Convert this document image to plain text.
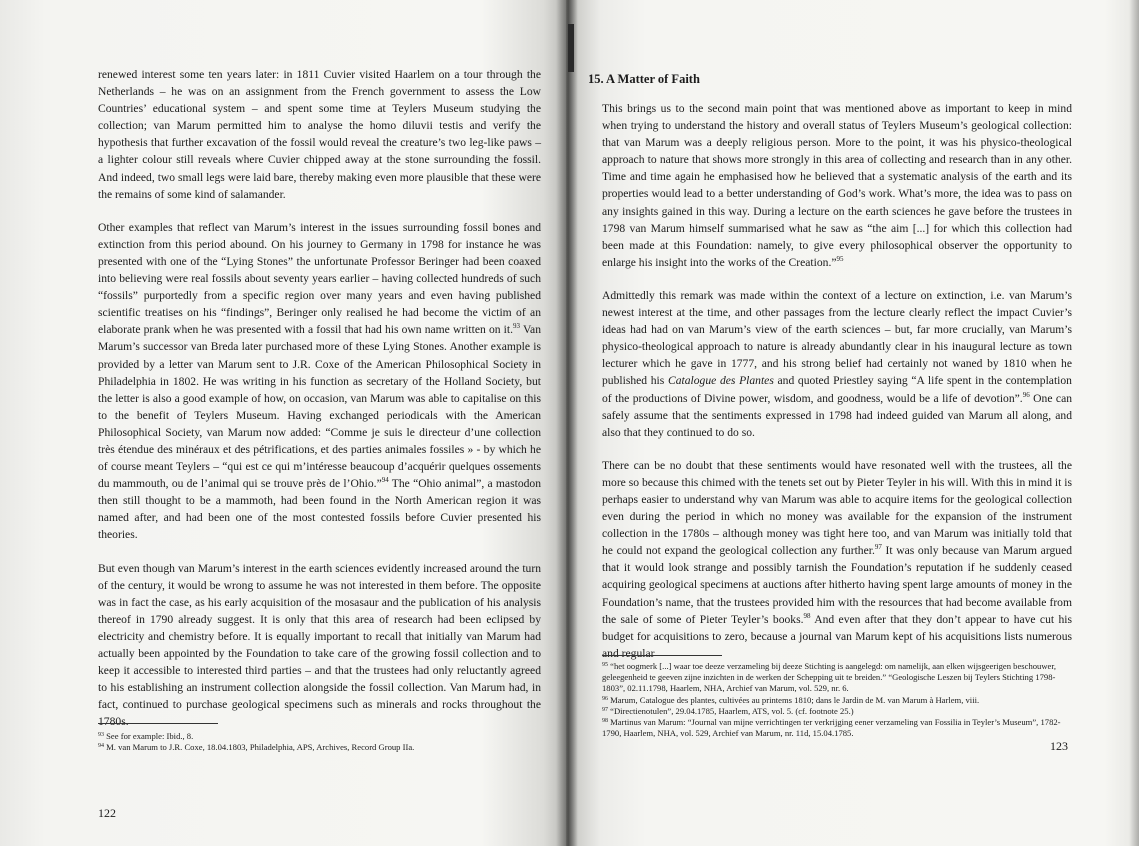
renewed interest some ten years later: in 1811 Cuvier visited Haarlem on a tour through the Netherlands – he was on an assignment from the French government to assess the Low Countries’ educational system – and spent some time at Teylers Museum studying the collection; van Marum permitted him to analyse the homo diluvii testis and verify the hypothesis that further excavation of the fossil would reveal the creature’s two leg-like paws – a lighter colour still reveals where Cuvier chipped away at the stone surrounding the fossil. And indeed, two small legs were laid bare, thereby making even more plausible that these were the remains of some kind of salamander.

Other examples that reflect van Marum’s interest in the issues surrounding fossil bones and extinction from this period abound. On his journey to Germany in 1798 for instance he was presented with one of the “Lying Stones” the unfortunate Professor Beringer had been coaxed into believing were real fossils about seventy years earlier – having collected hundreds of such “fossils” purportedly from a specific region over many years and even having published scientific treatises on his “findings”, Beringer only realised he had become the victim of an elaborate prank when he was presented with a fossil that had his own name written on it.$^{93}$ Van Marum’s successor van Breda later purchased more of these Lying Stones. Another example is provided by a letter van Marum sent to J.R. Coxe of the American Philosophical Society in Philadelphia in 1802. He was writing in his function as secretary of the Holland Society, but the letter is also a good example of how, on occasion, van Marum was able to capitalise on this to the benefit of Teylers Museum. Having exchanged periodicals with the American Philosophical Society, van Marum now added: “Comme je suis le directeur d’une collection très étendue des minéraux et des pétrifications, et des parties animales fossiles » - by which he of course meant Teylers – “qui est ce qui m’intéresse beaucoup d’acquérir quelques ossements du mammouth, ou de l’animal qui se trouve près de l’Ohio.”$^{94}$ The “Ohio animal”, a mastodon then still thought to be a mammoth, had been found in the North American region it was named after, and had been one of the most contested fossils before Cuvier presented his theories.

But even though van Marum’s interest in the earth sciences evidently increased around the turn of the century, it would be wrong to assume he was not interested in them before. The opposite was in fact the case, as his early acquisition of the mosasaur and the publication of his analysis thereof in 1790 already suggest. It is only that this area of research had been eclipsed by electricity and chemistry before. It is equally important to recall that initially van Marum had actually been appointed by the Foundation to take care of the growing fossil collection and to keep it accessible to interested third parties – and that the trustees had only reluctantly agreed to his establishing an instrument collection alongside the fossil collection. Van Marum had, in fact, continued to purchase geological specimens such as minerals and rocks throughout the 1780s.

$^{93}$ See for example: Ibid., 8.
$^{94}$ M. van Marum to J.R. Coxe, 18.04.1803, Philadelphia, APS, Archives, Record Group IIa.
122
15. A Matter of Faith

This brings us to the second main point that was mentioned above as important to keep in mind when trying to understand the history and overall status of Teylers Museum’s geological collection: that van Marum was a deeply religious person. More to the point, it was his physico-theological approach to nature that shows more strongly in this area of collecting and research than in any other. Time and time again he emphasised how he believed that a systematic analysis of the earth and its properties would lead to a better understanding of God’s work. What’s more, the idea was to pass on any insights gained in this way. During a lecture on the earth sciences he gave before the trustees in 1798 van Marum himself summarised what he saw as “the aim [...] for which this collection had been made at this Foundation: namely, to give every philosophical observer the opportunity to enlarge his insight into the works of the Creation.”$^{95}$

Admittedly this remark was made within the context of a lecture on extinction, i.e. van Marum’s newest interest at the time, and other passages from the lecture clearly reflect the impact Cuvier’s ideas had had on van Marum’s view of the earth sciences – but, far more crucially, van Marum’s physico-theological approach to nature is already abundantly clear in his inaugural lecture as town lecturer which he gave in 1777, and his strong belief had certainly not waned by 1810 when he published his Catalogue des Plantes and quoted Priestley saying “A life spent in the contemplation of the productions of Divine power, wisdom, and goodness, would be a life of devotion”.$^{96}$ One can safely assume that the sentiments expressed in 1798 had indeed guided van Marum all along, and also that they continued to do so.

There can be no doubt that these sentiments would have resonated well with the trustees, all the more so because this chimed with the tenets set out by Pieter Teyler in his will. With this in mind it is perhaps easier to understand why van Marum was able to acquire items for the geological collection even during the period in which no money was available for the expansion of the instrument collection in the 1780s – although money was tight here too, and van Marum was initially told that he could not expand the geological collection any further.$^{97}$ It was only because van Marum argued that it would look strange and possibly tarnish the Foundation’s reputation if he suddenly ceased acquiring geological specimens at auctions after hitherto having spent large amounts of money in the Foundation’s name, that the trustees provided him with the resources that had become available from the sale of some of Pieter Teyler’s books.$^{98}$ And even after that they don’t appear to have cut his budget for acquisitions to zero, because a journal van Marum kept of his acquisitions lists numerous and regular

$^{95}$ “het oogmerk [...] waar toe deeze verzameling bij deeze Stichting is aangelegd: om namelijk, aan elken wijsgeerigen beschouwer, geleegenheid te geeven zijne inzichten in de werken der Schepping uit te breiden.” “Geologische Leszen bij Teylers Stichting 1798-1803”, 02.11.1798, Haarlem, NHA, Archief van Marum, vol. 529, nr. 6.
$^{96}$ Marum, Catalogue des plantes, cultivées au printems 1810; dans le Jardin de M. van Marum à Harlem, viii.
$^{97}$ “Directienotulen”, 29.04.1785, Haarlem, ATS, vol. 5. (cf. footnote 25.)
$^{98}$ Martinus van Marum: “Journal van mijne verrichtingen ter verkrijging eener verzameling van Fossilia in Teyler’s Museum”, 1782-1790, Haarlem, NHA, vol. 529, Archief van Marum, nr. 11d, 15.04.1785.
123
